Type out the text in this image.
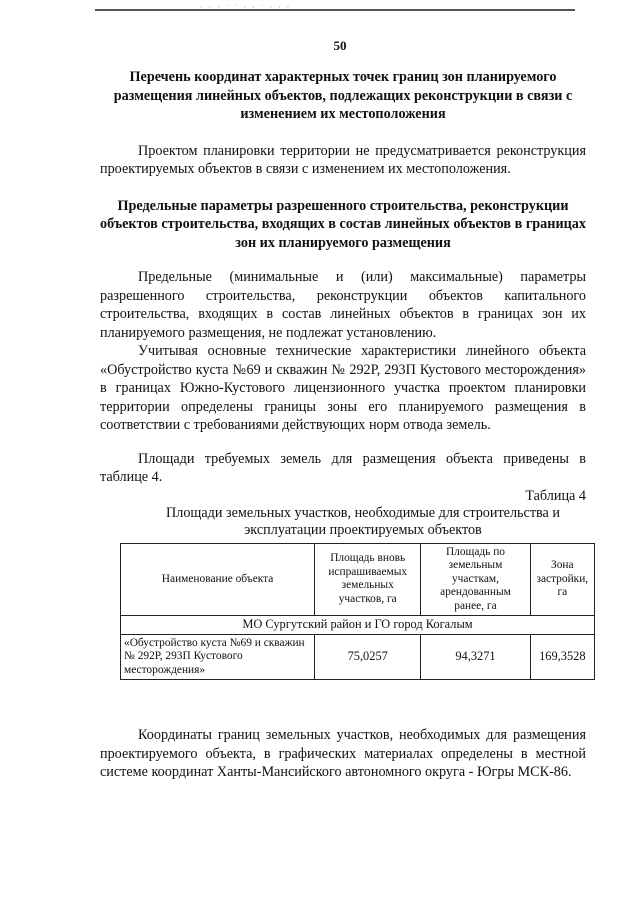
· · · ˙ ˙ · · ˙ · · ·
50
Перечень координат характерных точек границ зон планируемого размещения линейных объектов, подлежащих реконструкции в связи с изменением их местоположения

Проектом планировки территории не предусматривается реконструкция проектируемых объектов в связи с изменением их местоположения.

Предельные параметры разрешенного строительства, реконструкции объектов строительства, входящих в состав линейных объектов в границах зон их планируемого размещения

Предельные (минимальные и (или) максимальные) параметры разрешенного строительства, реконструкции объектов капитального строительства, входящих в состав линейных объектов в границах зон их планируемого размещения, не подлежат установлению.

Учитывая основные технические характеристики линейного объекта «Обустройство куста №69 и скважин № 292Р, 293П Кустового месторождения» в границах Южно-Кустового лицензионного участка проектом планировки территории определены границы зоны его планируемого размещения в соответствии с требованиями действующих норм отвода земель.

Площади требуемых земель для размещения объекта приведены в таблице 4.

Таблица 4
Площади земельных участков, необходимые для строительства и эксплуатации проектируемых объектов
Наименование объекта	Площадь вновь испрашиваемых земельных участков, га	Площадь по земельным участкам, арендованным ранее, га	Зона застройки, га
МО Сургутский район и ГО город Когалым			
«Обустройство куста №69 и скважин № 292Р, 293П Кустового месторождения»	75,0257	94,3271	169,3528

Координаты границ земельных участков, необходимых для размещения проектируемого объекта, в графических материалах определены в местной системе координат Ханты-Мансийского автономного округа - Югры МСК-86.
